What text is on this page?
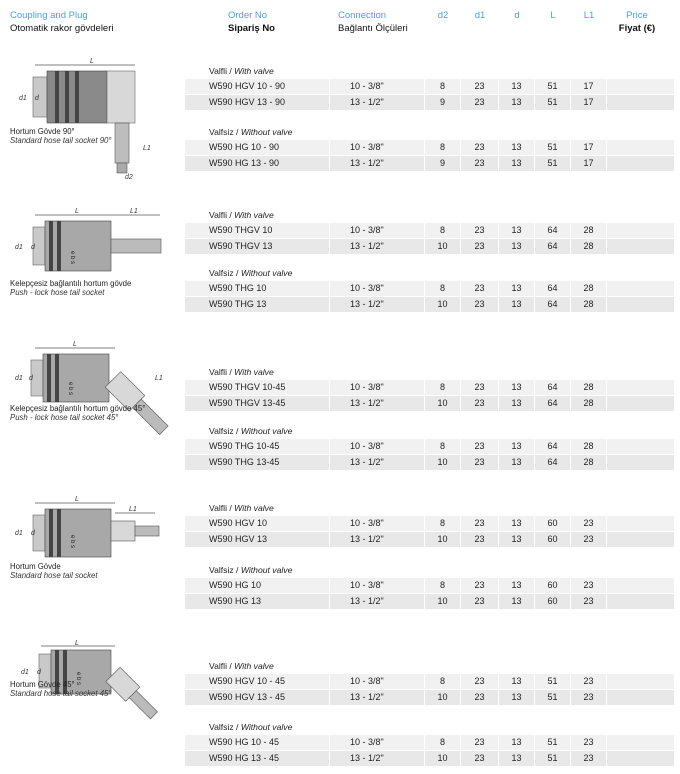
Coupling and Plug
Otomatik rakor gövdeleri
Order No
Sipariş No
Connection
Bağlantı Ölçüleri
d2	d1	d	L	L1	Price
Fiyat (€)
L
d1 d
L1
d2
Hortum Gövde 90°
Standard hose tail socket 90°
Valfli / With valve
W590 HGV 10 - 90	10 - 3/8"	8	23	13	51	17
W590 HGV 13 - 90	13 - 1/2"	9	23	13	51	17
Valfsiz / Without valve
W590 HG 10 - 90	10 - 3/8"	8	23	13	51	17
W590 HG 13 - 90	13 - 1/2"	9	23	13	51	17
L	L1
e b s
d1 d
Kelepçesiz bağlantılı hortum gövde
Push - lock hose tail socket
Valfli / With valve
W590 THGV 10	10 - 3/8"	8	23	13	64	28
W590 THGV 13	13 - 1/2"	10	23	13	64	28
Valfsiz / Without valve
W590 THG 10	10 - 3/8"	8	23	13	64	28
W590 THG 13	13 - 1/2"	10	23	13	64	28
L
e b s
L1
d1 d
Kelepçesiz bağlantılı hortum gövde 45°
Push - lock hose tail socket 45°
Valfli / With valve
W590 THGV 10-45	10 - 3/8"	8	23	13	64	28
W590 THGV 13-45	13 - 1/2"	10	23	13	64	28
Valfsiz / Without valve
W590 THG 10-45	10 - 3/8"	8	23	13	64	28
W590 THG 13-45	13 - 1/2"	10	23	13	64	28
L
L1
e b s
d1 d
Hortum Gövde
Standard hose tail socket
Valfli / With valve
W590 HGV 10	10 - 3/8"	8	23	13	60	23
W590 HGV 13	13 - 1/2"	10	23	13	60	23
Valfsiz / Without valve
W590 HG 10	10 - 3/8"	8	23	13	60	23
W590 HG 13	13 - 1/2"	10	23	13	60	23
L
e b s
d1 d
Hortum Gövde 45°
Standard hose tail socket 45°
Valfli / With valve
W590 HGV 10 - 45	10 - 3/8"	8	23	13	51	23
W590 HGV 13 - 45	13 - 1/2"	10	23	13	51	23
Valfsiz / Without valve
W590 HG 10 - 45	10 - 3/8"	8	23	13	51	23
W590 HG 13 - 45	13 - 1/2"	10	23	13	51	23
